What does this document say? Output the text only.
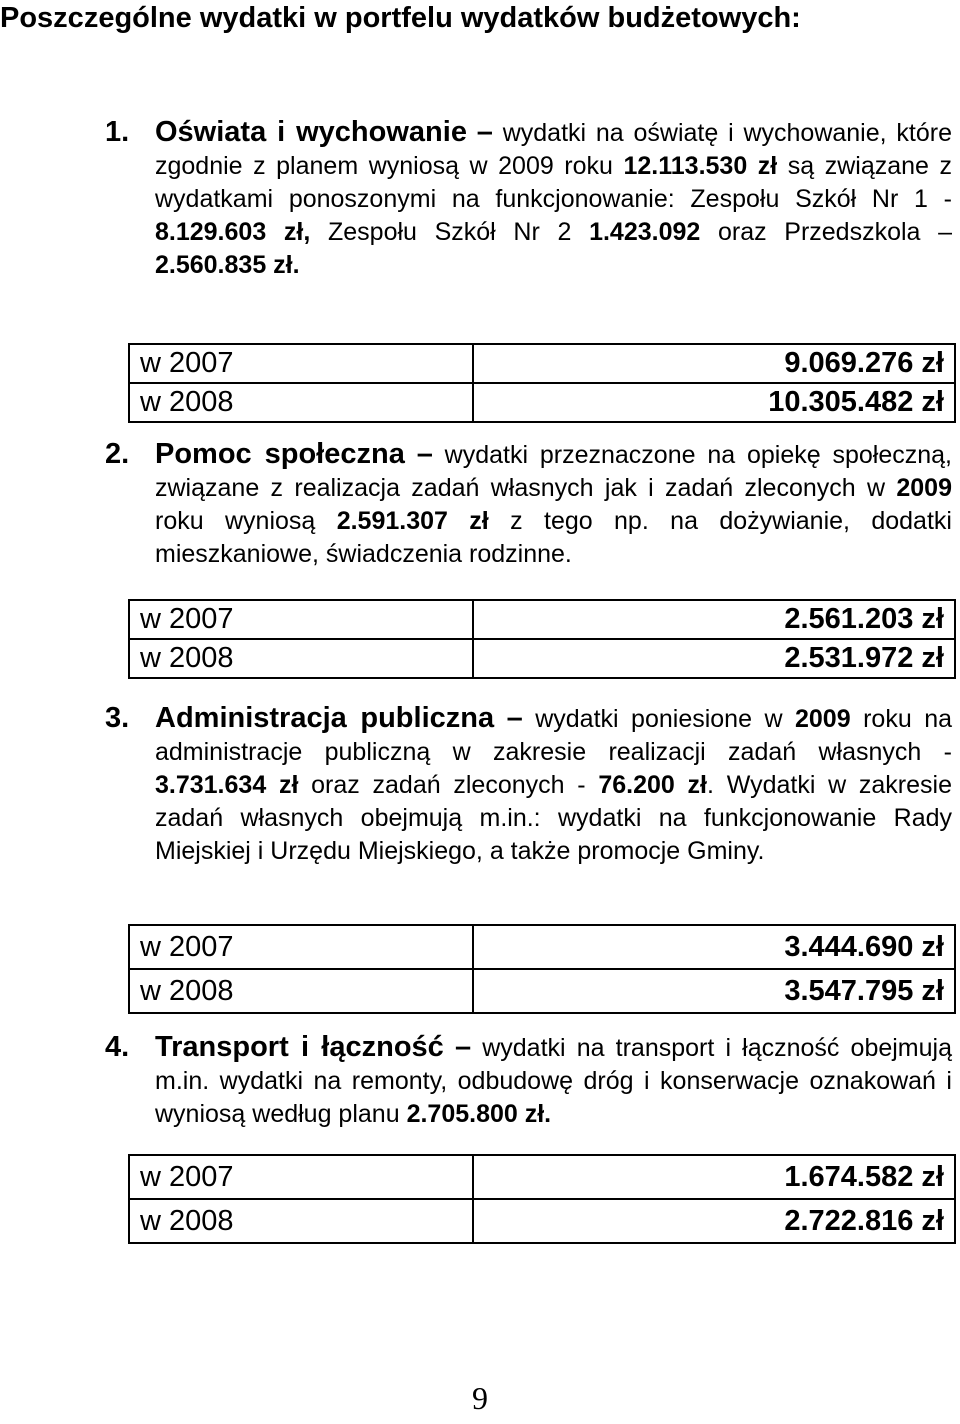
Poszczególne wydatki w portfelu wydatków budżetowych:
1. Oświata i wychowanie – wydatki na oświatę i wychowanie, które zgodnie z planem wyniosą w 2009 roku 12.113.530 zł są związane z wydatkami ponoszonymi na funkcjonowanie: Zespołu Szkół Nr 1 - 8.129.603 zł, Zespołu Szkół Nr 2 1.423.092 oraz Przedszkola – 2.560.835 zł.
w 2007	9.069.276 zł
w 2008	10.305.482 zł
2. Pomoc społeczna – wydatki przeznaczone na opiekę społeczną, związane z realizacja zadań własnych jak i zadań zleconych w 2009 roku wyniosą 2.591.307 zł z tego np. na dożywianie, dodatki mieszkaniowe, świadczenia rodzinne.
w 2007	2.561.203 zł
w 2008	2.531.972 zł
3. Administracja publiczna – wydatki poniesione w 2009 roku na administracje publiczną w zakresie realizacji zadań własnych - 3.731.634 zł oraz zadań zleconych - 76.200 zł. Wydatki w zakresie zadań własnych obejmują m.in.: wydatki na funkcjonowanie Rady Miejskiej i Urzędu Miejskiego, a także promocje Gminy.
w 2007	3.444.690 zł
w 2008	3.547.795 zł
4. Transport i łączność – wydatki na transport i łączność obejmują m.in. wydatki na remonty, odbudowę dróg i konserwacje oznakowań i wyniosą według planu 2.705.800 zł.
w 2007	1.674.582 zł
w 2008	2.722.816 zł
9
